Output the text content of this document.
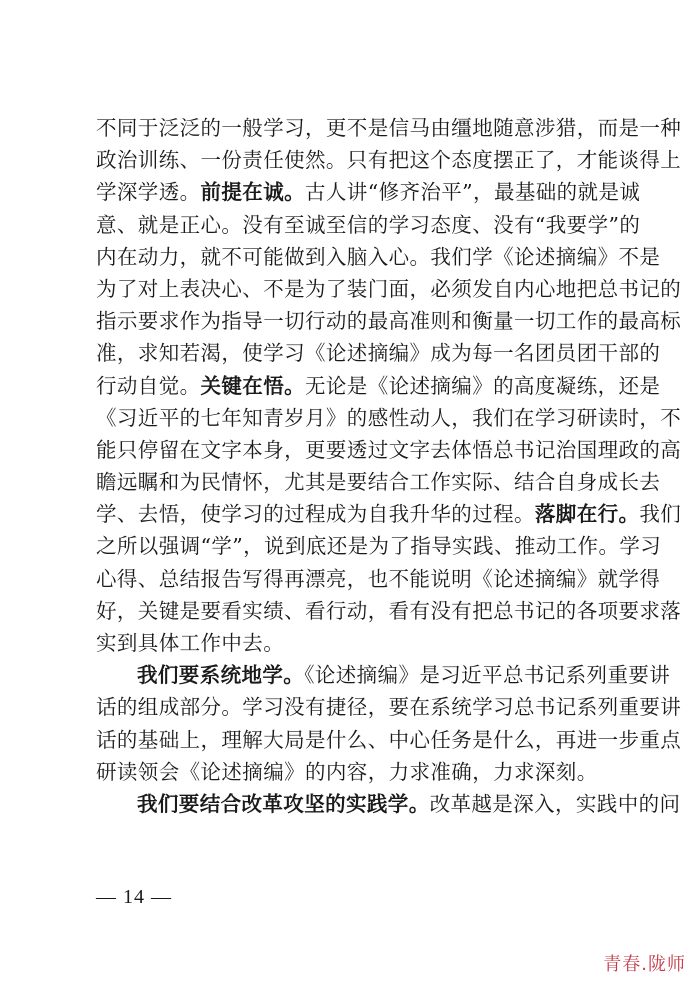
不同于泛泛的一般学习，更不是信马由缰地随意涉猎，而是一种
政治训练、一份责任使然。只有把这个态度摆正了，才能谈得上
学深学透。前提在诚。古人讲“修齐治平”，最基础的就是诚
意、就是正心。没有至诚至信的学习态度、没有“我要学”的
内在动力，就不可能做到入脑入心。我们学《论述摘编》不是
为了对上表决心、不是为了装门面，必须发自内心地把总书记的
指示要求作为指导一切行动的最高准则和衡量一切工作的最高标
准，求知若渴，使学习《论述摘编》成为每一名团员团干部的
行动自觉。关键在悟。无论是《论述摘编》的高度凝练，还是
《习近平的七年知青岁月》的感性动人，我们在学习研读时，不
能只停留在文字本身，更要透过文字去体悟总书记治国理政的高
瞻远瞩和为民情怀，尤其是要结合工作实际、结合自身成长去
学、去悟，使学习的过程成为自我升华的过程。落脚在行。我们
之所以强调“学”，说到底还是为了指导实践、推动工作。学习
心得、总结报告写得再漂亮，也不能说明《论述摘编》就学得
好，关键是要看实绩、看行动，看有没有把总书记的各项要求落
实到具体工作中去。
我们要系统地学。《论述摘编》是习近平总书记系列重要讲
话的组成部分。学习没有捷径，要在系统学习总书记系列重要讲
话的基础上，理解大局是什么、中心任务是什么，再进一步重点
研读领会《论述摘编》的内容，力求准确，力求深刻。
我们要结合改革攻坚的实践学。改革越是深入，实践中的问
— 14 —
青春.陇师
